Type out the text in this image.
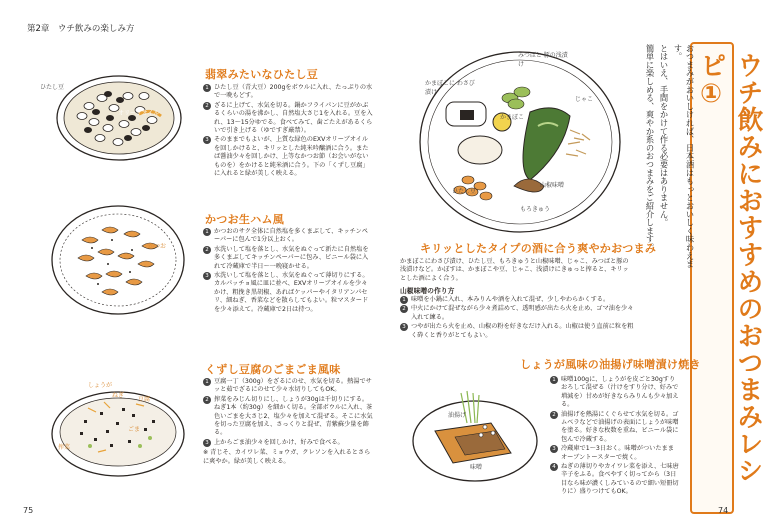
第2章　ウチ飲みの楽しみ方
ひたし豆
オリーブオイル
翡翠みたいなひたし豆
1 ひたし豆（青大豆）200gをボウルに入れ、たっぷりの水で一晩もどす。
2 ざるに上げて、水気を切る。鍋かフライパンに豆がかぶるくらいの湯を沸かし、自然塩大さじ1を入れる。豆を入れ、13〜15分ゆでる。食べてみて、歯ごたえがあるくらいで引き上げる（ゆですぎ厳禁）。
3 そのままでもよいが、上質な緑色のEXVオリーブオイルを回しかけると、キリッとした純米吟醸酒に合う。またば醤油少々を回しかけ、上等なかつお節（お会いがないものを）をかけると純米酒に合う。下の「くずし豆腐」に入れると緑が美しく映える。
かつお
かつお生ハム風
1 かつおのサク全体に自然塩を多くまぶして、キッチンペーパーに包んで1分以上おく。
2 水洗いして塩を落とし、水気をぬぐって新たに自然塩を多くまぶしてキッチンペーパーに包み、ビニール袋に入れて冷蔵庫で半日〜一晩寝かせる。
3 水洗いして塩を落とし、水気をぬぐって薄切りにする。カルパッチョ風に皿に並べ、EXVオリーブオイルを少々かけ、粗挽き黒胡椒、あればケッパーやイタリアンパセリ、細ねぎ、香菜などを散らしてもよい。粒マスタードを少々添えて。冷蔵庫で2日は持つ。
しょうが
ねぎ
ごま
豆腐
搾菜
くずし豆腐のごまごま風味
1 豆腐一丁（300g）をざるにのせ、水気を切る。熱湯でサッと茹でざるにのせて少々水切りしてもOK。
2 搾菜をみじん切りにし、しょうが30gは千切りにする。ねぎ1本（約30g）を細かく切る。全部ボウルに入れ、茶色いごまを大さじ2、塩少々を加えて混ぜる。そこに水気を切った豆腐を加え、さっくりと混ぜ、青紫蘇少量を飾る。
3 上からごま油少々を回しかけ、好みで食べる。
※ 青じそ、カイワレ菜、ミョウガ、クレソンを入れるとさらに爽やか。緑が美しく映える。
75
ウチ飲みにおすすめのおつまみレシピ①
おつまみがおいしければ、日本酒はもっとおいしく味わえます。
とはいえ、手間をかけて作る必要はありません。
簡単に楽しめる、爽やか系のおつまみをご紹介します。
かまぼこに わさび漬け
みつばと 豚の浅漬け
かまぼこ
じゃこ
ひたし豆
山椒味噌
もろきゅう
キリッとしたタイプの酒に合う爽やかおつまみ
かまぼこにわさび漬け、ひたし豆、もろきゅうと山椒味噌、じゃこ、みつばと豚の浅漬けなど。かぼすは、かまぼこや豆、じゃこ、浅漬けにきゅっと搾ると、キリッとした酒によく合う。
山椒味噌の作り方
1 味噌を小鍋に入れ、本みりんや酒を入れて混ぜ、少しやわらかくする。
2 中火にかけて混ぜながら少々煮詰めて、透明感が出たら火を止め、ゴマ油を少々入れて練る。
3 つやが出たら火を止め、山椒の粉を好きなだけ入れる。山椒は使う直前に粒を粗く砕くと香りがとてもよい。
しょうが風味の油揚げ味噌漬け焼き
油揚げ
味噌
1 味噌100gに、しょうがを皮ごと30gすりおろして混ぜる（汁けをすり分け、好みで増減を）甘めが好きならみりんも少々加える。
2 油揚げを熱湯にくぐらせて水気を切る。ゴムベラなどで油揚げの表面にしょうが味噌を塗る。好きな枚数を重ね、ビニール袋に包んで冷蔵する。
3 冷蔵庫で1〜3日おく。味噌がついたままオーブントースターで焼く。
4 ねぎの薄切りやカイワレ菜を添え、七味唐辛子をふる。食べやすく切ってから（3日目なら味が濃くしみているので細い短冊切りに）盛りつけてもOK。
74
